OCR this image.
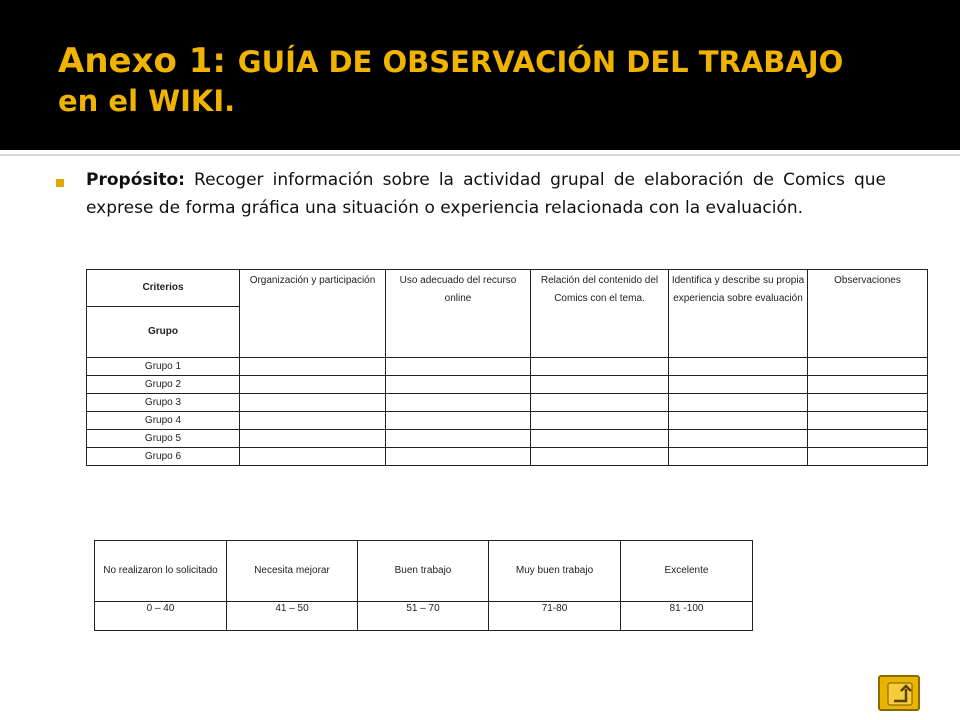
Anexo 1: GUÍA DE OBSERVACIÓN DEL TRABAJO
en el WIKI.
Propósito: Recoger información sobre la actividad grupal de elaboración de Comics que exprese de forma gráfica una situación o experiencia relacionada con la evaluación.
Criterios	Organización y participación	Uso adecuado del recurso online	Relación del contenido del Comics con el tema.	Identifica y describe su propia experiencia sobre evaluación	Observaciones
Grupo					
Grupo 1					
Grupo 2					
Grupo 3					
Grupo 4					
Grupo 5					
Grupo 6					
No realizaron lo solicitado	Necesita mejorar	Buen trabajo	Muy buen trabajo	Excelente
0 – 40	41 – 50	51 – 70	71-80	81 -100
